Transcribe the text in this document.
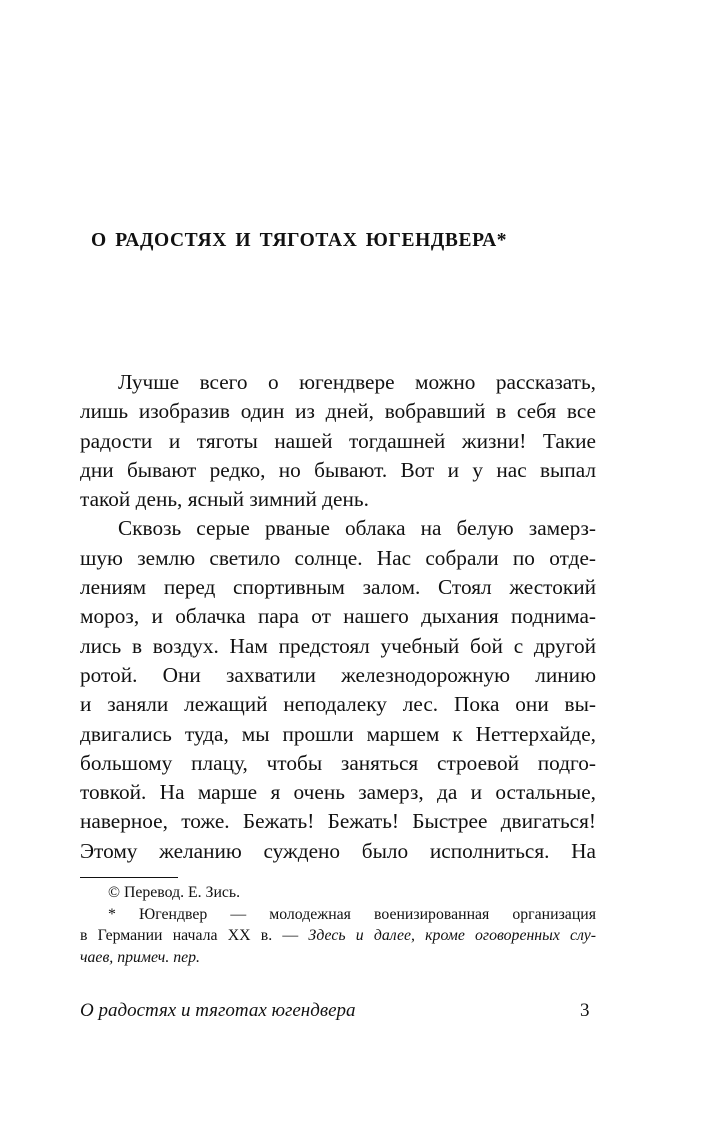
О РАДОСТЯХ И ТЯГОТАХ ЮГЕНДВЕРА*
Лучше всего о югендвере можно рассказать,
лишь изобразив один из дней, вобравший в себя все
радости и тяготы нашей тогдашней жизни! Такие
дни бывают редко, но бывают. Вот и у нас выпал
такой день, ясный зимний день.
Сквозь серые рваные облака на белую замерз-
шую землю светило солнце. Нас собрали по отде-
лениям перед спортивным залом. Стоял жестокий
мороз, и облачка пара от нашего дыхания поднима-
лись в воздух. Нам предстоял учебный бой с другой
ротой. Они захватили железнодорожную линию
и заняли лежащий неподалеку лес. Пока они вы-
двигались туда, мы прошли маршем к Неттерхайде,
большому плацу, чтобы заняться строевой подго-
товкой. На марше я очень замерз, да и остальные,
наверное, тоже. Бежать! Бежать! Быстрее двигаться!
Этому желанию суждено было исполниться. На
© Перевод. Е. Зись.
* Югендвер — молодежная военизированная организация
в Германии начала XX в. — Здесь и далее, кроме оговоренных слу-
чаев, примеч. пер.
О радостях и тяготах югендвера	3
